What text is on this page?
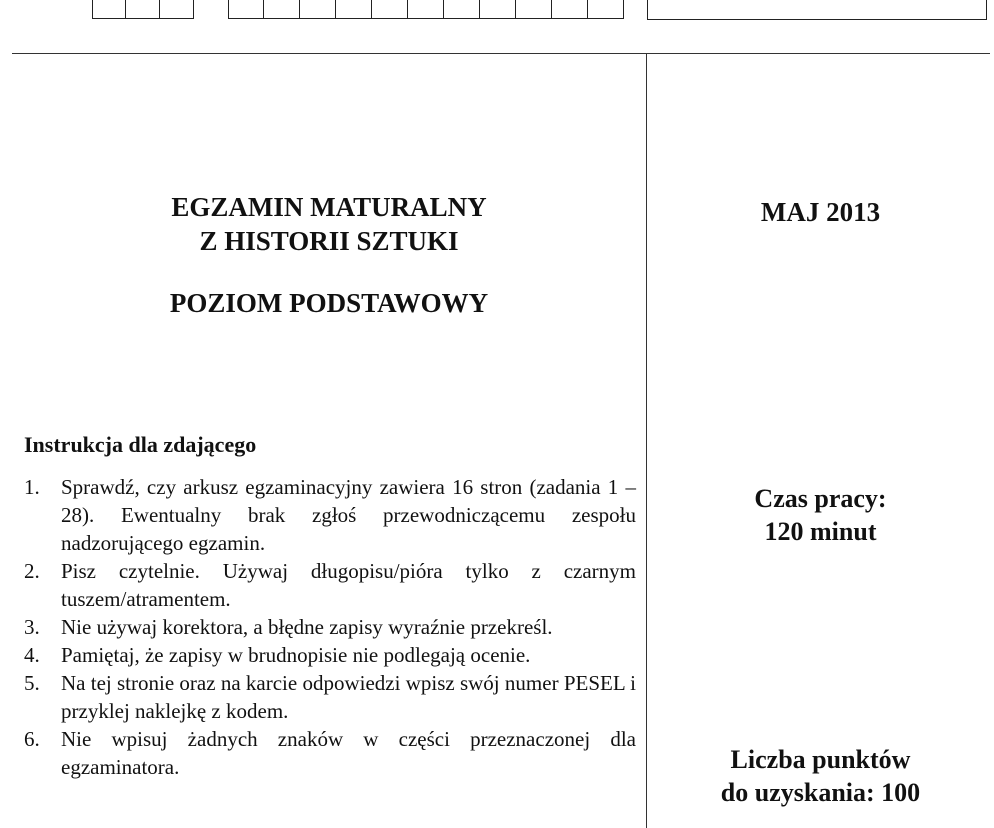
EGZAMIN MATURALNY
Z HISTORII SZTUKI
POZIOM PODSTAWOWY
MAJ 2013
Instrukcja dla zdającego
1.	Sprawdź, czy arkusz egzaminacyjny zawiera 16 stron (zadania 1 – 28). Ewentualny brak zgłoś przewodniczącemu zespołu nadzorującego egzamin.
2.	Pisz czytelnie. Używaj długopisu/pióra tylko z czarnym tuszem/atramentem.
3.	Nie używaj korektora, a błędne zapisy wyraźnie przekreśl.
4.	Pamiętaj, że zapisy w brudnopisie nie podlegają ocenie.
5.	Na tej stronie oraz na karcie odpowiedzi wpisz swój numer PESEL i przyklej naklejkę z kodem.
6.	Nie wpisuj żadnych znaków w części przeznaczonej dla egzaminatora.
Czas pracy:
120 minut
Liczba punktów
do uzyskania: 100
